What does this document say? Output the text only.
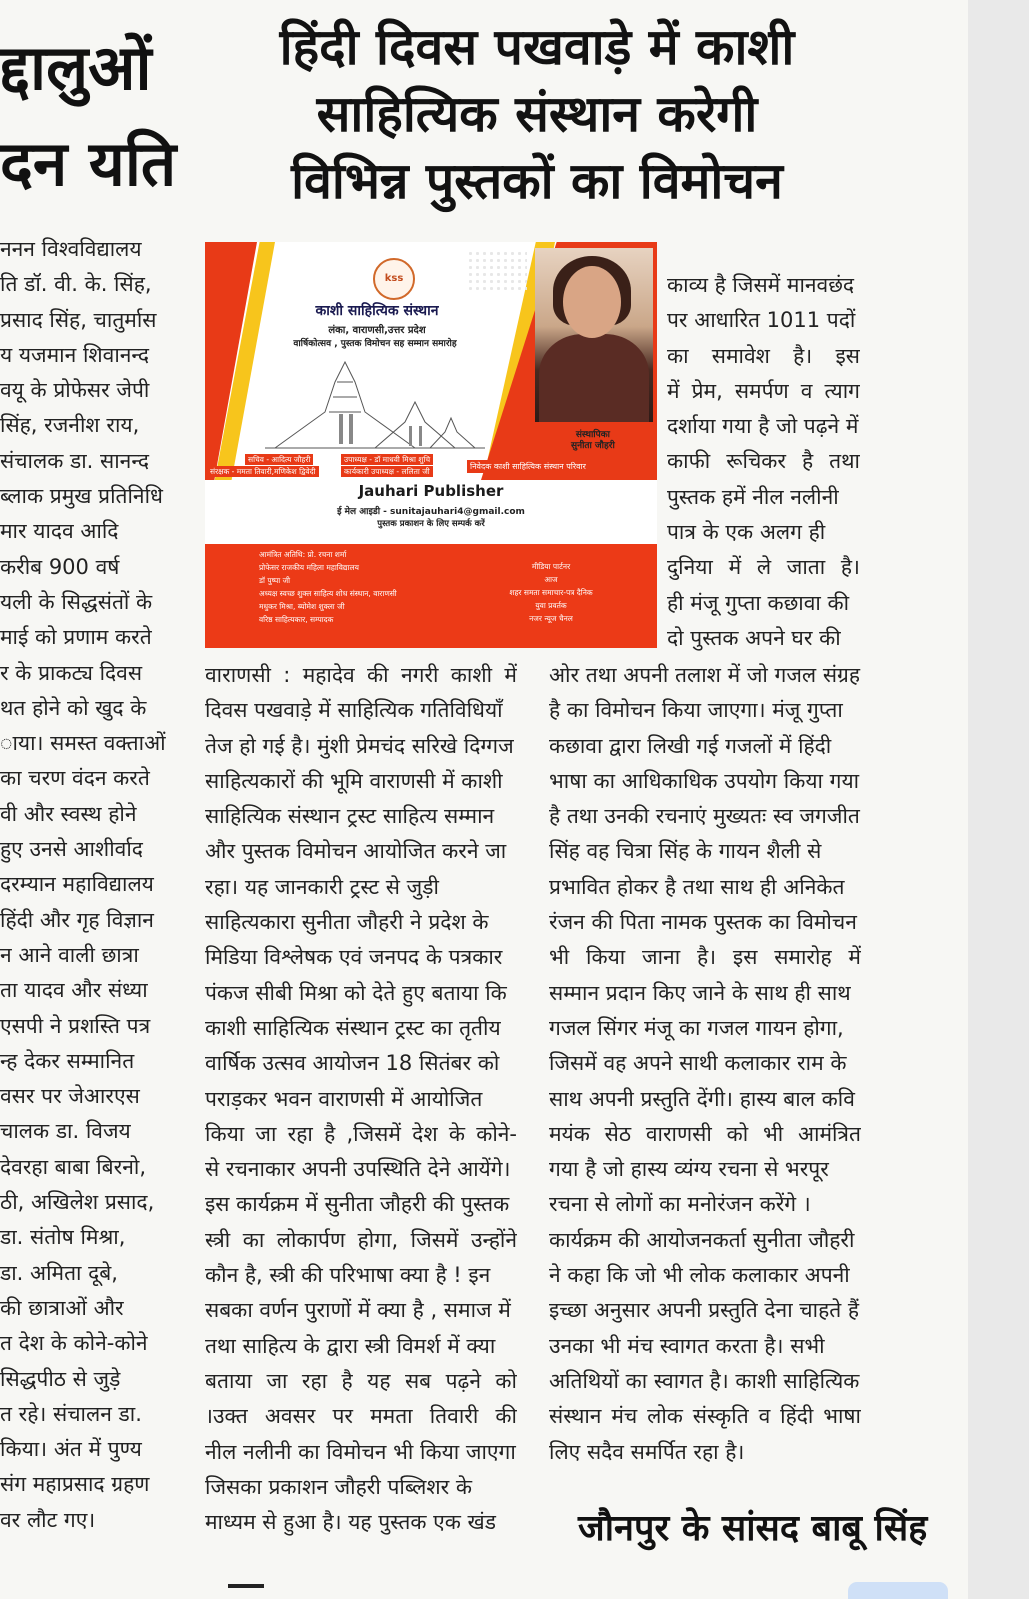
द्दालुओं
दन यति
हिंदी दिवस पखवाड़े में काशी
साहित्यिक संस्थान करेगी
विभिन्न पुस्तकों का विमोचन
ननन विश्वविद्यालय
ति डॉ. वी. के. सिंह,
प्रसाद सिंह, चातुर्मास
य यजमान शिवानन्द
वयू के प्रोफेसर जेपी
सिंह, रजनीश राय,
संचालक डा. सानन्द
ब्लाक प्रमुख प्रतिनिधि
मार यादव आदि
करीब 900 वर्ष
यली के सिद्धसंतों के
माई को प्रणाम करते
र के प्राकट्य दिवस
थत होने को खुद के
ाया। समस्त वक्ताओं
का चरण वंदन करते
वी और स्वस्थ होने
हुए उनसे आशीर्वाद
दरम्यान महाविद्यालय
हिंदी और गृह विज्ञान
न आने वाली छात्रा
ता यादव और संध्या
एसपी ने प्रशस्ति पत्र
न्ह देकर सम्मानित
वसर पर जेआरएस
चालक डा. विजय
देवरहा बाबा बिरनो,
ठी, अखिलेश प्रसाद,
डा. संतोष मिश्रा,
डा. अमिता दूबे,
की छात्राओं और
त देश के कोने-कोने
सिद्धपीठ से जुड़े
त रहे। संचालन डा.
किया। अंत में पुण्य
संग महाप्रसाद ग्रहण
वर लौट गए।
काव्य है जिसमें मानवछंद
पर आधारित 1011 पदों
का समावेश है। इस
में प्रेम, समर्पण व त्याग
दर्शाया गया है जो पढ़ने में
काफी रूचिकर है तथा
पुस्तक हमें नील नलीनी
पात्र के एक अलग ही
दुनिया में ले जाता है।
ही मंजू गुप्ता कछावा की
दो पुस्तक अपने घर की
वाराणसी : महादेव की नगरी काशी में
दिवस पखवाड़े में साहित्यिक गतिविधियाँ
तेज हो गई है। मुंशी प्रेमचंद सरिखे दिग्गज
साहित्यकारों की भूमि वाराणसी में काशी
साहित्यिक संस्थान ट्रस्ट साहित्य सम्मान
और पुस्तक विमोचन आयोजित करने जा
रहा। यह जानकारी ट्रस्ट से जुड़ी
साहित्यकारा सुनीता जौहरी ने प्रदेश के
मिडिया विश्लेषक एवं जनपद के पत्रकार
पंकज सीबी मिश्रा को देते हुए बताया कि
काशी साहित्यिक संस्थान ट्रस्ट का तृतीय
वार्षिक उत्सव आयोजन 18 सितंबर को
पराड़कर भवन वाराणसी में आयोजित
किया जा रहा है ,जिसमें देश के कोने-
से रचनाकार अपनी उपस्थिति देने आयेंगे।
इस कार्यक्रम में सुनीता जौहरी की पुस्तक
स्त्री का लोकार्पण होगा, जिसमें उन्होंने
कौन है, स्त्री की परिभाषा क्या है ! इन
सबका वर्णन पुराणों में क्या है , समाज में
तथा साहित्य के द्वारा स्त्री विमर्श में क्या
बताया जा रहा है यह सब पढ़ने को
।उक्त अवसर पर ममता तिवारी की
नील नलीनी का विमोचन भी किया जाएगा
जिसका प्रकाशन जौहरी पब्लिशर के
माध्यम से हुआ है। यह पुस्तक एक खंड
ओर तथा अपनी तलाश में जो गजल संग्रह
है का विमोचन किया जाएगा। मंजू गुप्ता
कछावा द्वारा लिखी गई गजलों में हिंदी
भाषा का आधिकाधिक उपयोग किया गया
है तथा उनकी रचनाएं मुख्यतः स्व जगजीत
सिंह वह चित्रा सिंह के गायन शैली से
प्रभावित होकर है तथा साथ ही अनिकेत
रंजन की पिता नामक पुस्तक का विमोचन
भी किया जाना है। इस समारोह में
सम्मान प्रदान किए जाने के साथ ही साथ
गजल सिंगर मंजू का गजल गायन होगा,
जिसमें वह अपने साथी कलाकार राम के
साथ अपनी प्रस्तुति देंगी। हास्य बाल कवि
मयंक सेठ वाराणसी को भी आमंत्रित
गया है जो हास्य व्यंग्य रचना से भरपूर
रचना से लोगों का मनोरंजन करेंगे ।
कार्यक्रम की आयोजनकर्ता सुनीता जौहरी
ने कहा कि जो भी लोक कलाकार अपनी
इच्छा अनुसार अपनी प्रस्तुति देना चाहते हैं
उनका भी मंच स्वागत करता है। सभी
अतिथियों का स्वागत है। काशी साहित्यिक
संस्थान मंच लोक संस्कृति व हिंदी भाषा
लिए सदैव समर्पित रहा है।
kss
काशी साहित्यिक संस्थान
लंका, वाराणसी,उत्तर प्रदेश
वार्षिकोत्सव , पुस्तक विमोचन सह सम्मान समारोह
सचिव - आदित्य जौहरी
संरक्षक - ममता तिवारी,मणिकेश द्विवेदी
उपाध्यक्ष - डॉ माधवी मिश्रा शुचि
कार्यकारी उपाध्यक्ष - ललिता जी
संस्थापिका
सुनीता जौहरी
निवेदक काशी साहित्यिक संस्थान परिवार
Jauhari Publisher
ई मेल आइडी - sunitajauhari4@gmail.com
पुस्तक प्रकाशन के लिए सम्पर्क करें
आमंत्रित अतिथि: प्रो. रचना शर्मा
प्रोफेसर राजकीय महिला महाविद्यालय
डॉ पुष्पा जी
अध्यक्ष स्वच्छ शुक्ल साहित्य शोध संस्थान, वाराणसी
मधुकर मिश्रा, ब्योमेश शुक्ला जी
वरिष्ठ साहित्यकार, सम्पादक
मीडिया पार्टनर
आज
शहर समता समाचार-पत्र दैनिक
युवा प्रवर्तक
नजर न्यूज चैनल
जौनपुर के सांसद बाबू सिंह
